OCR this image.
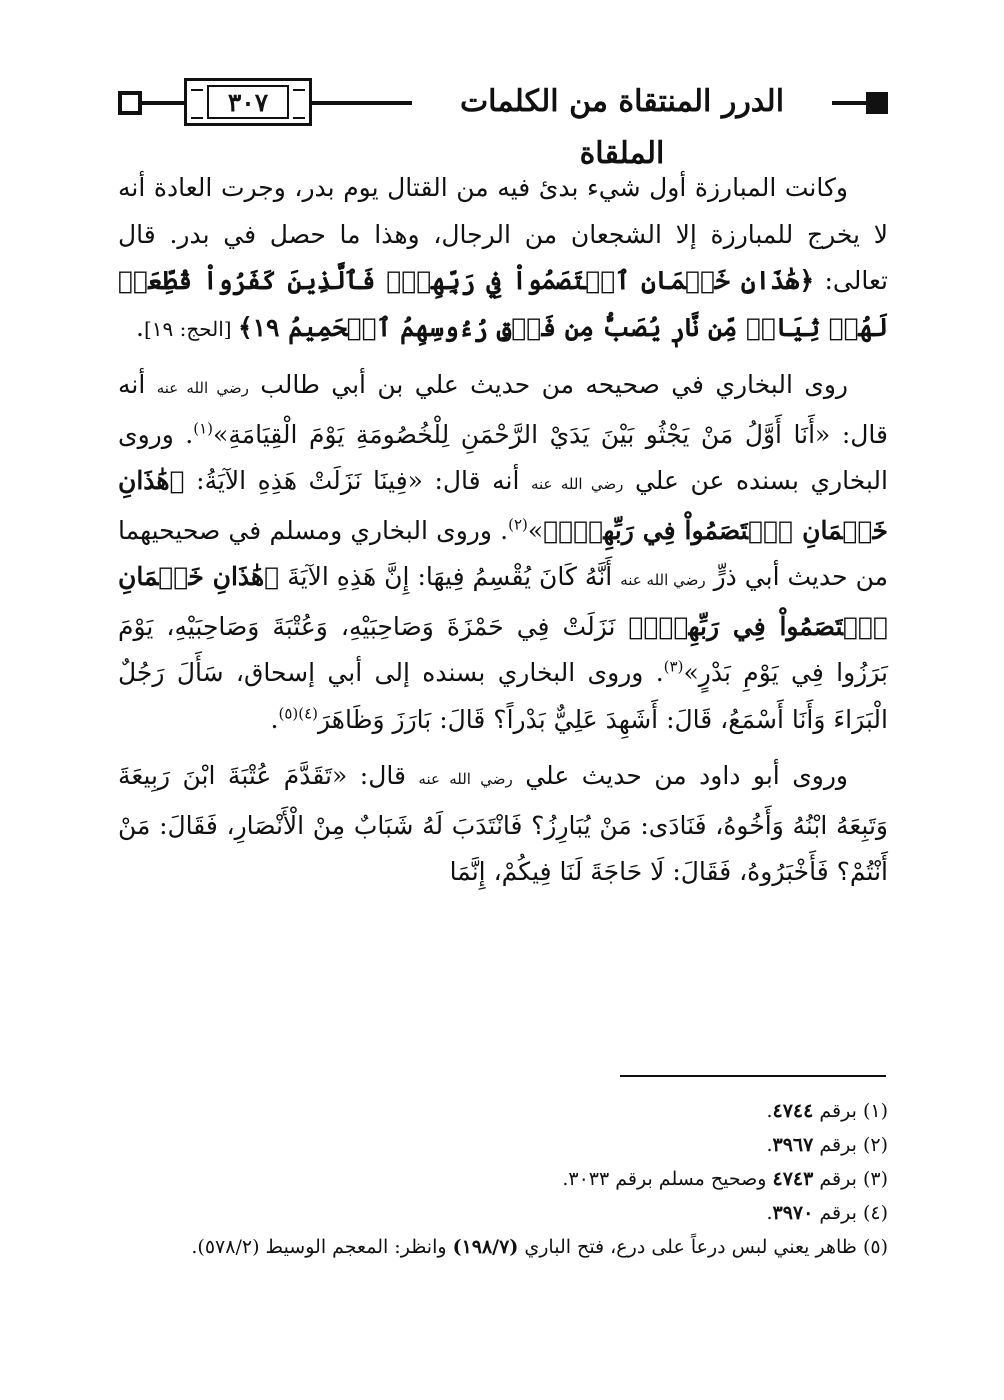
٣٠٧	الدرر المنتقاة من الكلمات الملقاة

وكانت المبارزة أول شيء بدئ فيه من القتال يوم بدر، وجرت العادة أنه لا يخرج للمبارزة إلا الشجعان من الرجال، وهذا ما حصل في بدر. قال تعالى: ﴿هَٰذَانِ خَصۡمَانِ ٱخۡتَصَمُواْ فِي رَبِّهِمۡۖ فَٱلَّذِينَ كَفَرُواْ قُطِّعَتۡ لَهُمۡ ثِيَابٞ مِّن نَّارٖ يُصَبُّ مِن فَوۡقِ رُءُوسِهِمُ ٱلۡحَمِيمُ ١٩﴾ [الحج: ١٩].

روى البخاري في صحيحه من حديث علي بن أبي طالب رضي الله عنه أنه قال: «أَنَا أَوَّلُ مَنْ يَجْثُو بَيْنَ يَدَيْ الرَّحْمَنِ لِلْخُصُومَةِ يَوْمَ الْقِيَامَةِ»$^{(١)}$. وروى البخاري بسنده عن علي رضي الله عنه أنه قال: «فِينَا نَزَلَتْ هَذِهِ الآيَةُ: ﴿هَٰذَانِ خَصۡمَانِ ٱخۡتَصَمُواْ فِي رَبِّهِمۡۖ﴾»$^{(٢)}$. وروى البخاري ومسلم في صحيحيهما من حديث أبي ذرٍّ رضي الله عنه أَنَّهُ كَانَ يُقْسِمُ فِيهَا: إِنَّ هَذِهِ الآيَةَ ﴿هَٰذَانِ خَصۡمَانِ ٱخۡتَصَمُواْ فِي رَبِّهِمۡۖ﴾ نَزَلَتْ فِي حَمْزَةَ وَصَاحِبَيْهِ، وَعُتْبَةَ وَصَاحِبَيْهِ، يَوْمَ بَرَزُوا فِي يَوْمِ بَدْرٍ»$^{(٣)}$. وروى البخاري بسنده إلى أبي إسحاق، سَأَلَ رَجُلٌ الْبَرَاءَ وَأَنَا أَسْمَعُ، قَالَ: أَشَهِدَ عَلِيٌّ بَدْراً؟ قَالَ: بَارَزَ وَظَاهَرَ$^{(٤)(٥)}$.

وروى أبو داود من حديث علي رضي الله عنه قال: «تَقَدَّمَ عُتْبَةَ ابْنَ رَبِيعَةَ وَتَبِعَهُ ابْنُهُ وَأَخُوهُ، فَنَادَى: مَنْ يُبَارِزُ؟ فَانْتَدَبَ لَهُ شَبَابٌ مِنْ الْأَنْصَارِ، فَقَالَ: مَنْ أَنْتُمْ؟ فَأَخْبَرُوهُ، فَقَالَ: لَا حَاجَةَ لَنَا فِيكُمْ، إِنَّمَا

(١) برقم ٤٧٤٤.
(٢) برقم ٣٩٦٧.
(٣) برقم ٤٧٤٣ وصحيح مسلم برقم ٣٠٣٣.
(٤) برقم ٣٩٧٠.
(٥) ظاهر يعني لبس درعاً على درع، فتح الباري (١٩٨/٧) وانظر: المعجم الوسيط (٥٧٨/٢).
